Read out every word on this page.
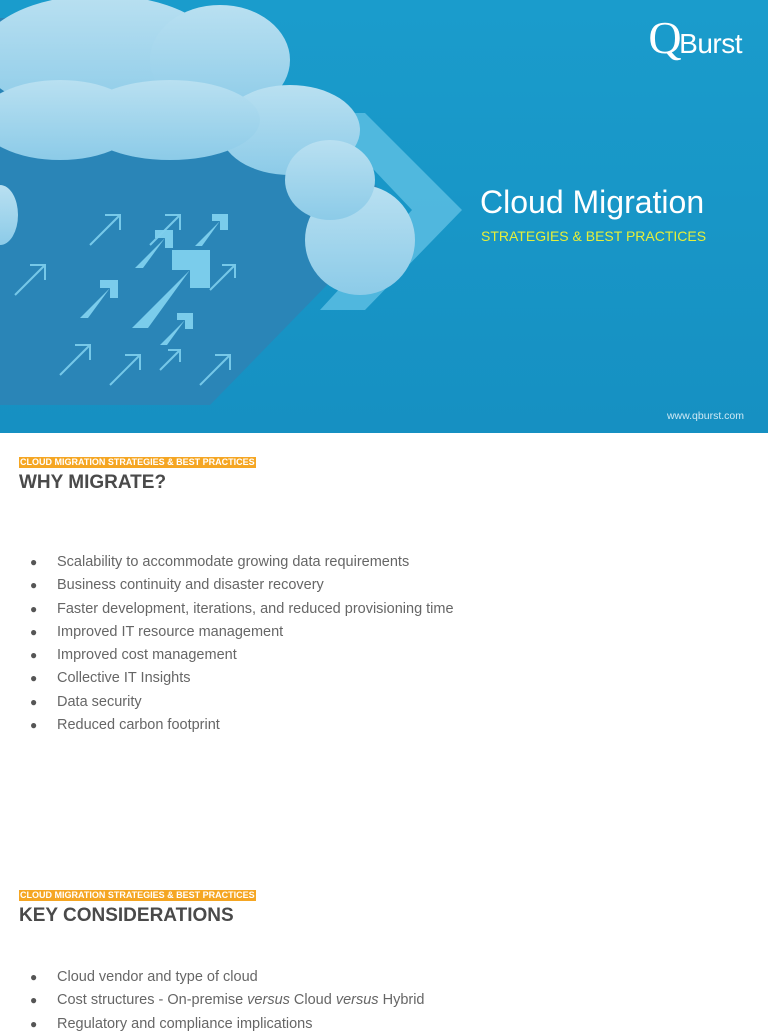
Q
Burst
Cloud Migration
STRATEGIES & BEST PRACTICES
www.qburst.com
CLOUD MIGRATION STRATEGIES & BEST PRACTICES
WHY MIGRATE?
● Scalability to accommodate growing data requirements
● Business continuity and disaster recovery
● Faster development, iterations, and reduced provisioning time
● Improved IT resource management
● Improved cost management
● Collective IT Insights
● Data security
● Reduced carbon footprint
CLOUD MIGRATION STRATEGIES & BEST PRACTICES
KEY CONSIDERATIONS
● Cloud vendor and type of cloud
● Cost structures - On-premise versus Cloud versus Hybrid
● Regulatory and compliance implications
